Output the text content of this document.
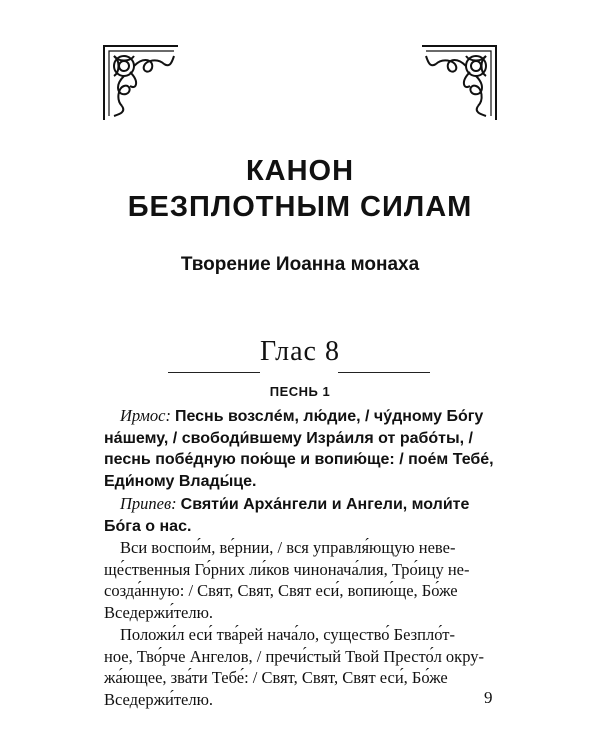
КАНОН
БЕЗПЛОТНЫМ СИЛАМ
Творение Иоанна монаха
Глас 8
ПЕСНЬ 1
Ирмос: Песнь возслéм, лю́дие, / чу́дному Бо́гу
на́шему, / свободи́вшему Изра́иля от рабо́ты, /
песнь побе́дную пою́ще и вопию́ще: / пое́м Тебе́,
Еди́ному Влады́це.
Припев: Святи́и Арха́нгели и Ангели, моли́те
Бо́га о нас.
Вси воспои́м, ве́рнии, / вся управля́ющую неве-
ще́ственныя Го́рних ли́ков чинонача́лия, Тро́ицу не-
созда́нную: / Свят, Свят, Свят еси́, вопию́ще, Бо́же
Вседержи́телю.
Положи́л еси́ тва́рей нача́ло, существо́ Безпло́т-
ное, Тво́рче Ангелов, / пречи́стый Твой Престо́л окру-
жа́ющее, зва́ти Тебе́: / Свят, Свят, Свят еси́, Бо́же
Вседержи́телю.	9
